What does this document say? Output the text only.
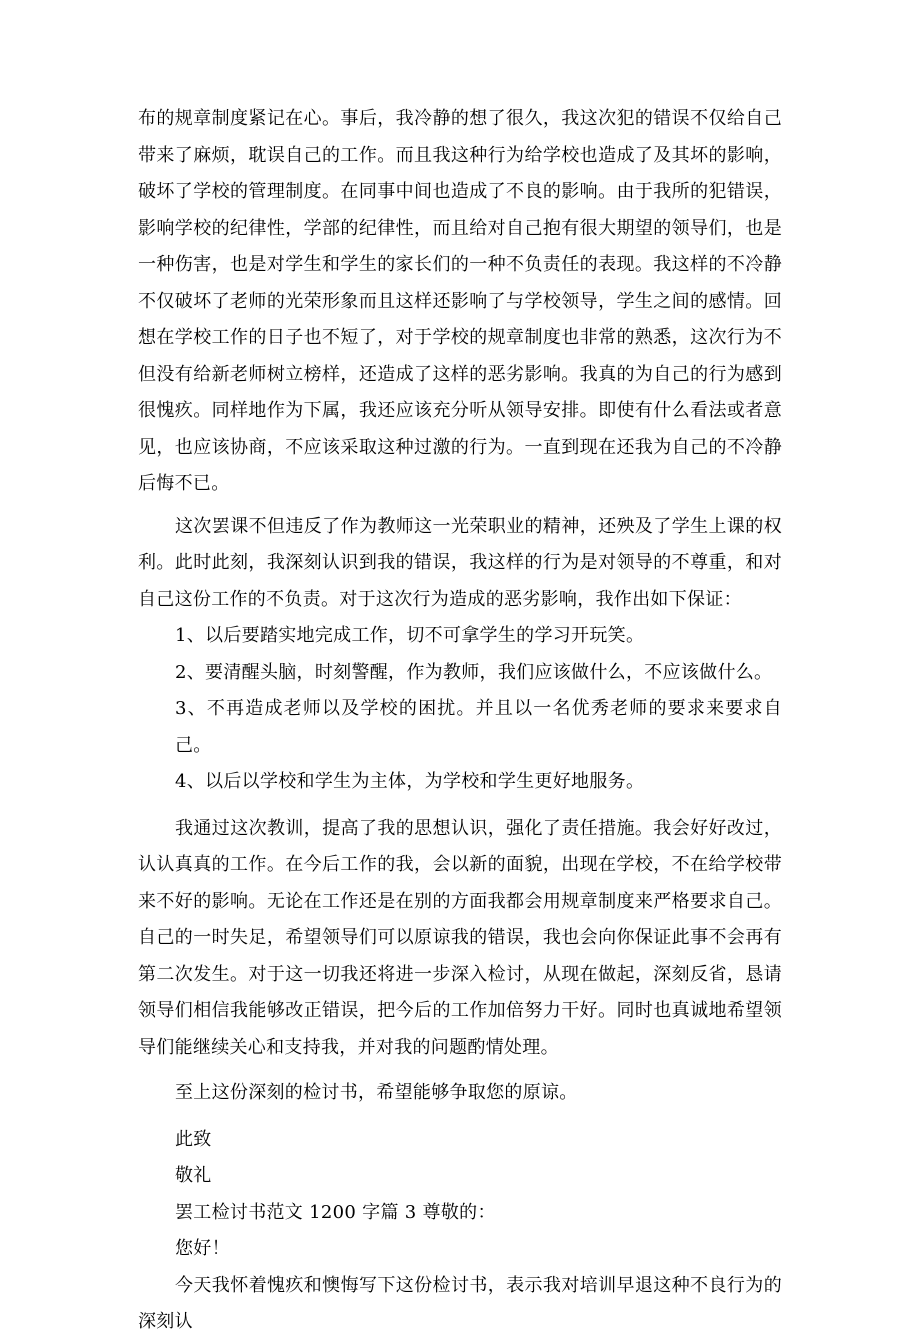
布的规章制度紧记在心。事后，我冷静的想了很久，我这次犯的错误不仅给自己带来了麻烦，耽误自己的工作。而且我这种行为给学校也造成了及其坏的影响，破坏了学校的管理制度。在同事中间也造成了不良的影响。由于我所的犯错误，影响学校的纪律性，学部的纪律性，而且给对自己抱有很大期望的领导们，也是一种伤害，也是对学生和学生的家长们的一种不负责任的表现。我这样的不冷静不仅破坏了老师的光荣形象而且这样还影响了与学校领导，学生之间的感情。回想在学校工作的日子也不短了，对于学校的规章制度也非常的熟悉，这次行为不但没有给新老师树立榜样，还造成了这样的恶劣影响。我真的为自己的行为感到很愧疚。同样地作为下属，我还应该充分听从领导安排。即使有什么看法或者意见，也应该协商，不应该采取这种过激的行为。一直到现在还我为自己的不冷静后悔不已。

这次罢课不但违反了作为教师这一光荣职业的精神，还殃及了学生上课的权利。此时此刻，我深刻认识到我的错误，我这样的行为是对领导的不尊重，和对自己这份工作的不负责。对于这次行为造成的恶劣影响，我作出如下保证：

1、以后要踏实地完成工作，切不可拿学生的学习开玩笑。

2、要清醒头脑，时刻警醒，作为教师，我们应该做什么，不应该做什么。

3、不再造成老师以及学校的困扰。并且以一名优秀老师的要求来要求自己。

4、以后以学校和学生为主体，为学校和学生更好地服务。

我通过这次教训，提高了我的思想认识，强化了责任措施。我会好好改过，认认真真的工作。在今后工作的我，会以新的面貌，出现在学校，不在给学校带来不好的影响。无论在工作还是在别的方面我都会用规章制度来严格要求自己。自己的一时失足，希望领导们可以原谅我的错误，我也会向你保证此事不会再有第二次发生。对于这一切我还将进一步深入检讨，从现在做起，深刻反省，恳请领导们相信我能够改正错误，把今后的工作加倍努力干好。同时也真诚地希望领导们能继续关心和支持我，并对我的问题酌情处理。

至上这份深刻的检讨书，希望能够争取您的原谅。

此致

敬礼

罢工检讨书范文 1200 字篇 3 尊敬的：

您好！

今天我怀着愧疚和懊悔写下这份检讨书，表示我对培训早退这种不良行为的深刻认
